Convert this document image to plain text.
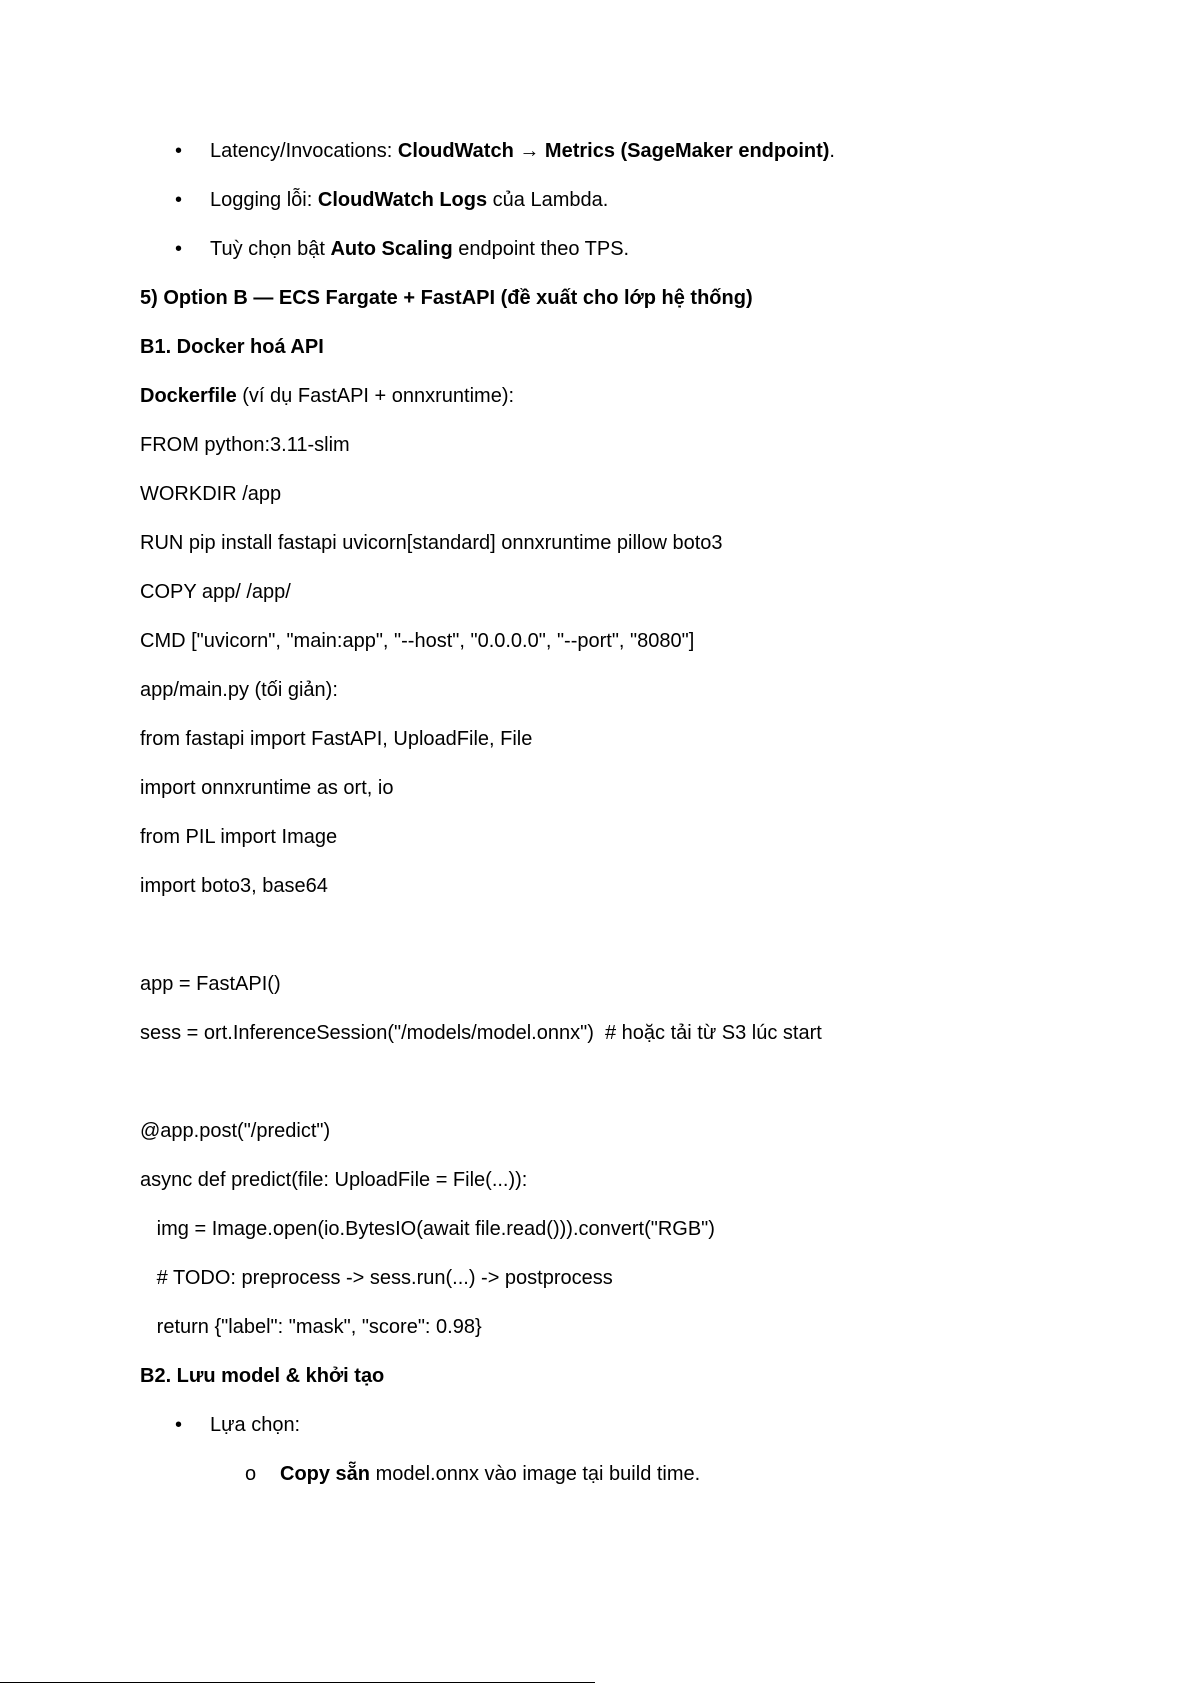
• Latency/Invocations: CloudWatch → Metrics (SageMaker endpoint).
• Logging lỗi: CloudWatch Logs của Lambda.
• Tuỳ chọn bật Auto Scaling endpoint theo TPS.
5) Option B — ECS Fargate + FastAPI (đề xuất cho lớp hệ thống)
B1. Docker hoá API
Dockerfile (ví dụ FastAPI + onnxruntime):
FROM python:3.11-slim
WORKDIR /app
RUN pip install fastapi uvicorn[standard] onnxruntime pillow boto3
COPY app/ /app/
CMD ["uvicorn", "main:app", "--host", "0.0.0.0", "--port", "8080"]
app/main.py (tối giản):
from fastapi import FastAPI, UploadFile, File
import onnxruntime as ort, io
from PIL import Image
import boto3, base64
app = FastAPI()
sess = ort.InferenceSession("/models/model.onnx")  # hoặc tải từ S3 lúc start
@app.post("/predict")
async def predict(file: UploadFile = File(...)):
img = Image.open(io.BytesIO(await file.read())).convert("RGB")
# TODO: preprocess -> sess.run(...) -> postprocess
return {"label": "mask", "score": 0.98}
B2. Lưu model & khởi tạo
• Lựa chọn:
o Copy sẵn model.onnx vào image tại build time.
